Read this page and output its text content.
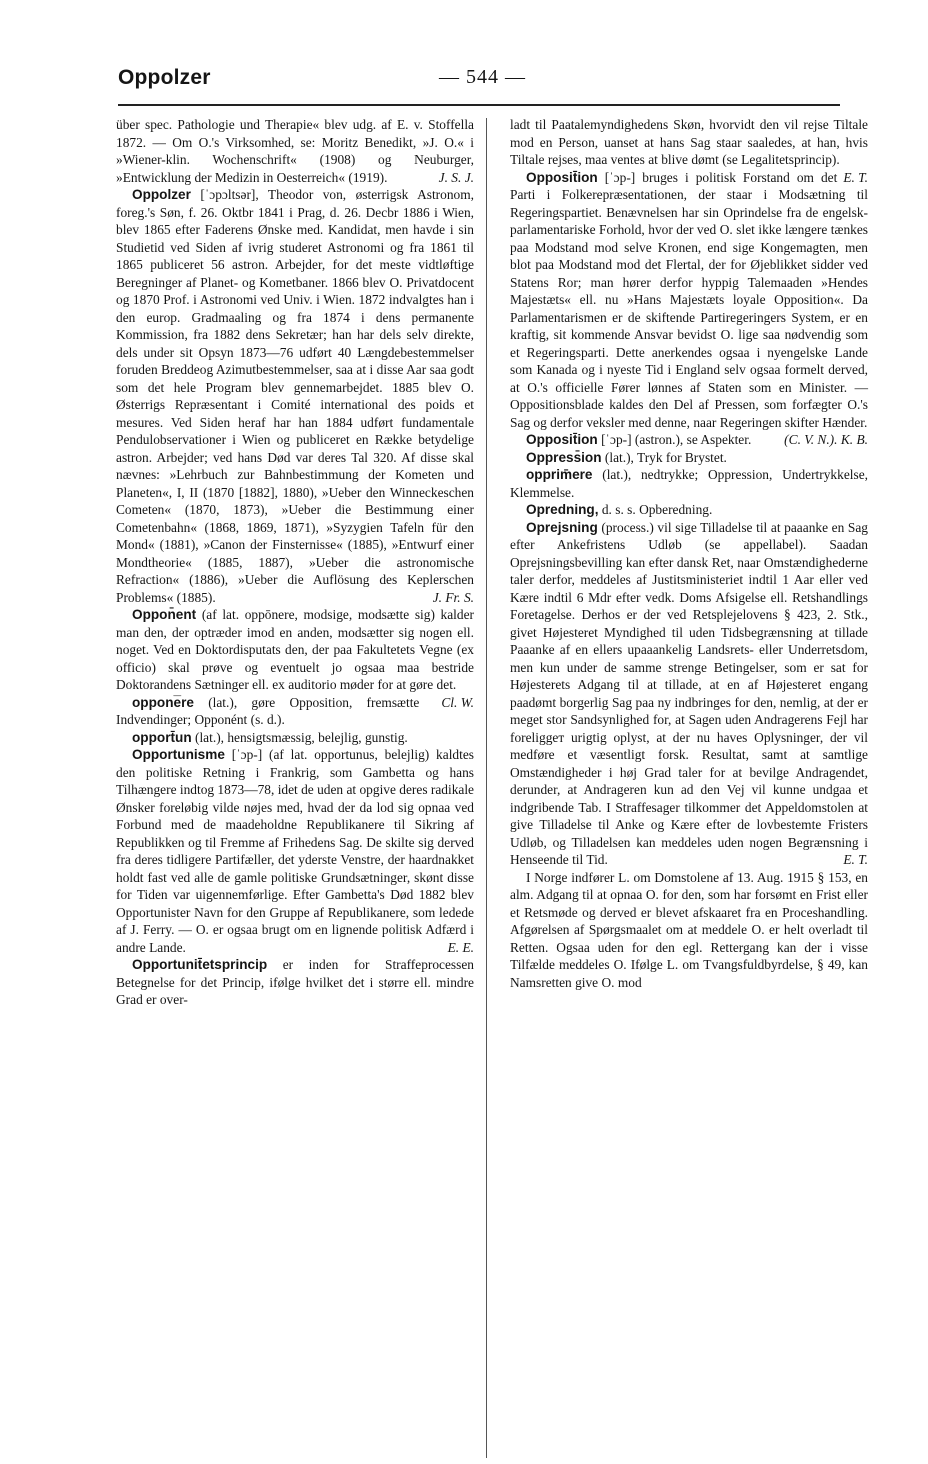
Oppolzer	— 544 —

über spec. Pathologie und Therapie« blev udg. af E. v. Stoffella 1872. — Om O.'s Virksomhed, se: Moritz Benedikt, »J. O.« i »Wiener-klin. Wochenschrift« (1908) og Neuburger, »Entwicklung der Medizin in Oesterreich« (1919).	J. S. J.

Oppolzer [ˈɔpɔltsər], Theodor von, østerrigsk Astronom, foreg.'s Søn, f. 26. Oktbr 1841 i Prag, d. 26. Decbr 1886 i Wien, blev 1865 efter Faderens Ønske med. Kandidat, men havde i sin Studietid ved Siden af ivrig studeret Astronomi og fra 1861 til 1865 publiceret 56 astron. Arbejder, for det meste vidtløftige Beregninger af Planet- og Kometbaner. 1866 blev O. Privatdocent og 1870 Prof. i Astronomi ved Univ. i Wien. 1872 indvalgtes han i den europ. Gradmaaling og fra 1874 i dens permanente Kommission, fra 1882 dens Sekretær; han har dels selv direkte, dels under sit Opsyn 1873—76 udført 40 Længdebestemmelser foruden Breddeog Azimutbestemmelser, saa at i disse Aar saa godt som det hele Program blev gennemarbejdet. 1885 blev O. Østerrigs Repræsentant i Comité international des poids et mesures. Ved Siden heraf har han 1884 udført fundamentale Pendulobservationer i Wien og publiceret en Række betydelige astron. Arbejder; ved hans Død var deres Tal 320. Af disse skal nævnes: »Lehrbuch zur Bahnbestimmung der Kometen und Planeten«, I, II (1870 [1882], 1880), »Ueber den Winneckeschen Cometen« (1870, 1873), »Ueber die Bestimmung einer Cometenbahn« (1868, 1869, 1871), »Syzygien Tafeln für den Mond« (1881), »Canon der Finsternisse« (1885), »Entwurf einer Mondtheorie« (1885, 1887), »Ueber die astronomische Refraction« (1886), »Ueber die Auflösung des Keplerschen Problems« (1885).	J. Fr. S.

Oppon̄ent (af lat. oppōnere, modsige, modsætte sig) kalder man den, der optræder imod en anden, modsætter sig nogen ell. noget. Ved en Doktordisputats den, der paa Fakultetets Vegne (ex officio) skal prøve og eventuelt jo ogsaa maa bestride Doktorandens Sætninger ell. ex auditorio møder for at gøre det.
Cl. W.

oppone̅re (lat.), gøre Opposition, fremsætte Indvendinger; Opponént (s. d.).

opport̄un (lat.), hensigtsmæssig, belejlig, gunstig.

Opportunisme [ˈɔp-] (af lat. opportunus, belejlig) kaldtes den politiske Retning i Frankrig, som Gambetta og hans Tilhængere indtog 1873—78, idet de uden at opgive deres radikale Ønsker foreløbig vilde nøjes med, hvad der da lod sig opnaa ved Forbund med de maadeholdne Republikanere til Sikring af Republikken og til Fremme af Frihedens Sag. De skilte sig derved fra deres tidligere Partifæller, det yderste Venstre, der haardnakket holdt fast ved alle de gamle politiske Grundsætninger, skønt disse for Tiden var uigennemførlige. Efter Gambetta's Død 1882 blev Opportunister Navn for den Gruppe af Republikanere, som ledede af J. Ferry. — O. er ogsaa brugt om en lignende politisk Adfærd i andre Lande.	E. E.

Opportunit̄etsprincip er inden for Straffeprocessen Betegnelse for det Princip, ifølge hvilket det i større ell. mindre Grad er over-

ladt til Paatalemyndighedens Skøn, hvorvidt den vil rejse Tiltale mod en Person, uanset at hans Sag staar saaledes, at han, hvis Tiltale rejses, maa ventes at blive dømt (se Legalitetsprincip).
E. T.

Opposit̄ion [ˈɔp-] bruges i politisk Forstand om det Parti i Folkerepræsentationen, der staar i Modsætning til Regeringspartiet. Benævnelsen har sin Oprindelse fra de engelsk-parlamentariske Forhold, hvor der ved O. slet ikke længere tænkes paa Modstand mod selve Kronen, end sige Kongemagten, men blot paa Modstand mod det Flertal, der for Øjeblikket sidder ved Statens Ror; man hører derfor hyppig Talemaaden »Hendes Majestæts« ell. nu »Hans Majestæts loyale Opposition«. Da Parlamentarismen er de skiftende Partiregeringers System, er en kraftig, sit kommende Ansvar bevidst O. lige saa nødvendig som et Regeringsparti. Dette anerkendes ogsaa i nyengelske Lande som Kanada og i nyeste Tid i England selv ogsaa formelt derved, at O.'s officielle Fører lønnes af Staten som en Minister. — Oppositionsblade kaldes den Del af Pressen, som forfægter O.'s Sag og derfor veksler med denne, naar Regeringen skifter Hænder.
(C. V. N.). K. B.

Opposit̄ion [ˈɔp-] (astron.), se Aspekter.

Oppress̄ion (lat.), Tryk for Brystet.

opprim̄ere (lat.), nedtrykke; Oppression, Undertrykkelse, Klemmelse.

Opredning, d. s. s. Opberedning.

Oprejsning (process.) vil sige Tilladelse til at paaanke en Sag efter Ankefristens Udløb (se appellabel). Saadan Oprejsningsbevilling kan efter dansk Ret, naar Omstændighederne taler derfor, meddeles af Justitsministeriet indtil 1 Aar eller ved Kære indtil 6 Mdr efter vedk. Doms Afsigelse ell. Retshandlings Foretagelse. Derhos er der ved Retsplejelovens § 423, 2. Stk., givet Højesteret Myndighed til uden Tidsbegrænsning at tillade Paaanke af en ellers upaaankelig Landsrets- eller Underretsdom, men kun under de samme strenge Betingelser, som er sat for Højesterets Adgang til at tillade, at en af Højesteret engang paadømt borgerlig Sag paa ny indbringes for den, nemlig, at der er meget stor Sandsynlighed for, at Sagen uden Andragerens Fejl har foreliggет urigtig oplyst, at der nu haves Oplysninger, der vil medføre et væsentligt forsk. Resultat, samt at samtlige Omstændigheder i høj Grad taler for at bevilge Andragendet, derunder, at Andrageren kun ad den Vej vil kunne undgaa et indgribende Tab. I Straffesager tilkommer det Appeldomstolen at give Tilladelse til Anke og Kære efter de lovbestemte Fristers Udløb, og Tilladelsen kan meddeles uden nogen Begrænsning i Henseende til Tid.	E. T.

I Norge indfører L. om Domstolene af 13. Aug. 1915 § 153, en alm. Adgang til at opnaa O. for den, som har forsømt en Frist eller et Retsmøde og derved er blevet afskaaret fra en Proceshandling. Afgørelsen af Spørgsmaalet om at meddele O. er helt overladt til Retten. Ogsaa uden for den egl. Rettergang kan der i visse Tilfælde meddeles O. Ifølge L. om Tvangsfuldbyrdelse, § 49, kan Namsretten give O. mod
